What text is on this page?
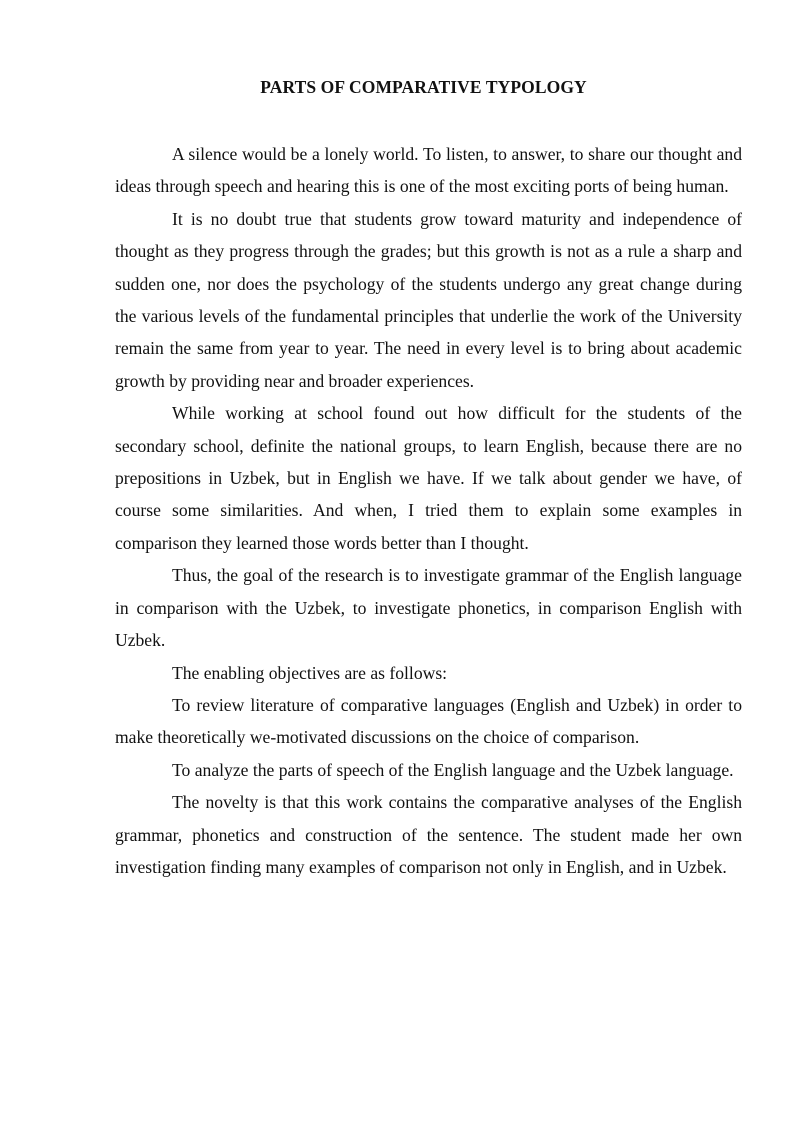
PARTS OF COMPARATIVE TYPOLOGY

A silence would be a lonely world. To listen, to answer, to share our thought and ideas through speech and hearing this is one of the most exciting ports of being human.

It is no doubt true that students grow toward maturity and independence of thought as they progress through the grades; but this growth is not as a rule a sharp and sudden one, nor does the psychology of the students undergo any great change during the various levels of the fundamental principles that underlie the work of the University remain the same from year to year. The need in every level is to bring about academic growth by providing near and broader experiences.

While working at school found out how difficult for the students of the secondary school, definite the national groups, to learn English, because there are no prepositions in Uzbek, but in English we have. If we talk about gender we have, of course some similarities. And when, I tried them to explain some examples in comparison they learned those words better than I thought.

Thus, the goal of the research is to investigate grammar of the English language in comparison with the Uzbek, to investigate phonetics, in comparison English with Uzbek.

The enabling objectives are as follows:

To review literature of comparative languages (English and Uzbek) in order to make theoretically we-motivated discussions on the choice of comparison.

To analyze the parts of speech of the English language and the Uzbek language.

The novelty is that this work contains the comparative analyses of the English grammar, phonetics and construction of the sentence. The student made her own investigation finding many examples of comparison not only in English, and in Uzbek.
